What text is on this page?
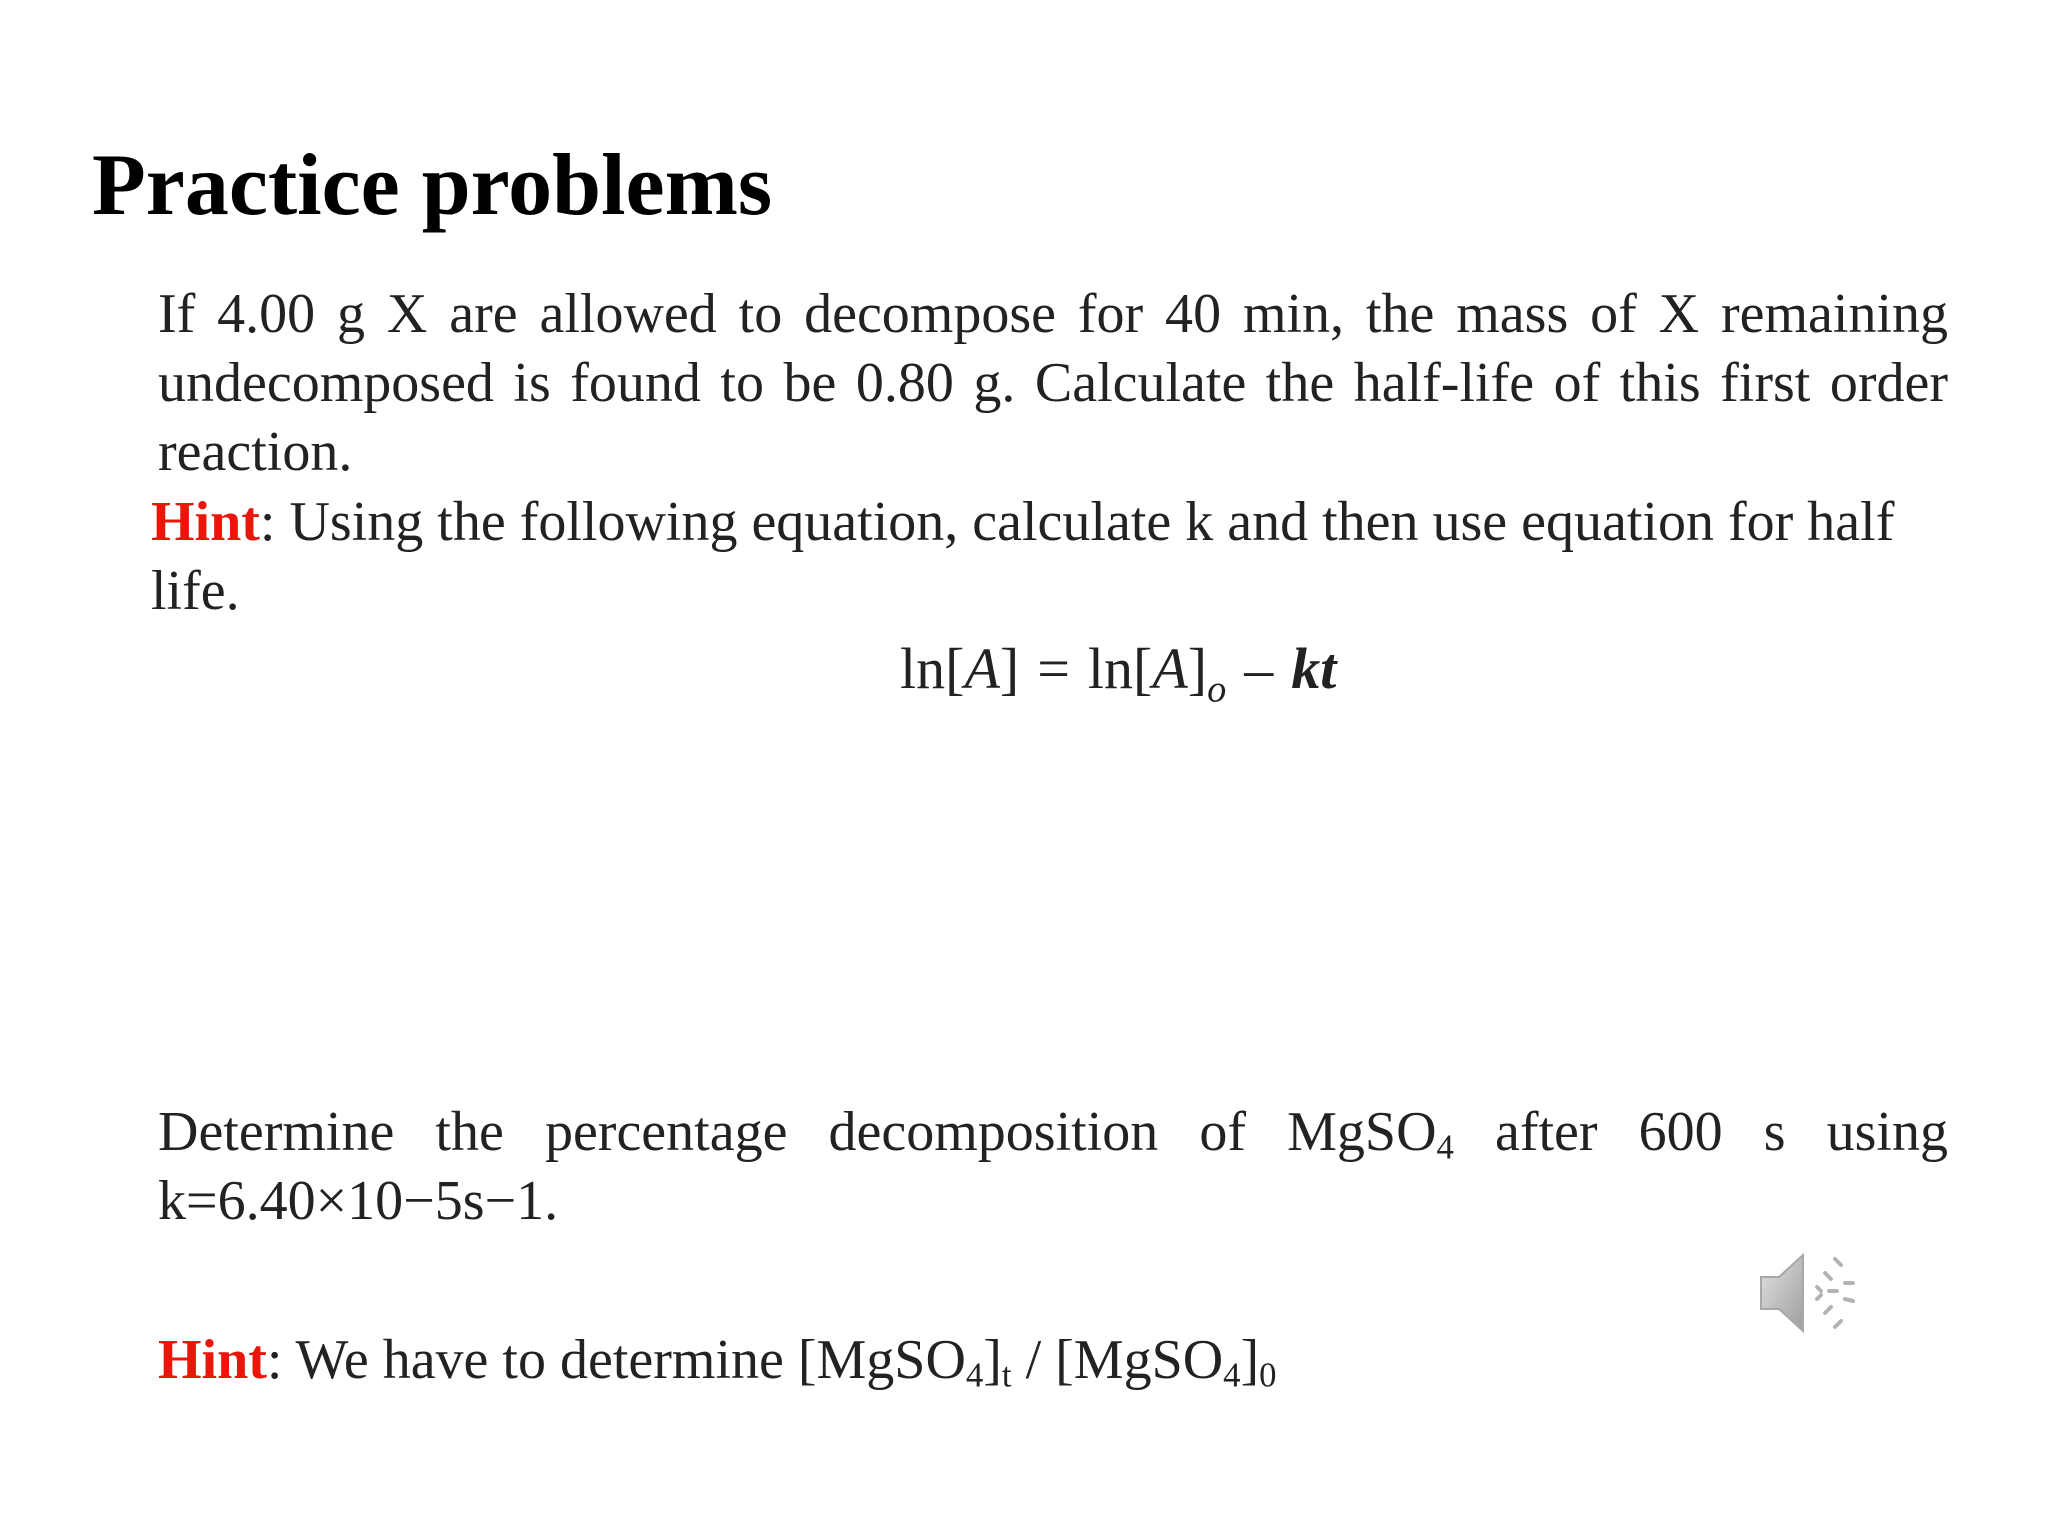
Practice problems

If 4.00 g X are allowed to decompose for 40 min, the mass of X remaining undecomposed is found to be 0.80 g. Calculate the half-life of this first order reaction.

Hint: Using the following equation, calculate k and then use equation for half life.

$\ln[A] = \ln[A]_o$ – kt

Determine the percentage decomposition of MgSO$_4$ after 600 s using k=6.40×10−5s−1.

Hint: We have to determine $[MgSO_4]_t$ / $[MgSO_4]_0$
